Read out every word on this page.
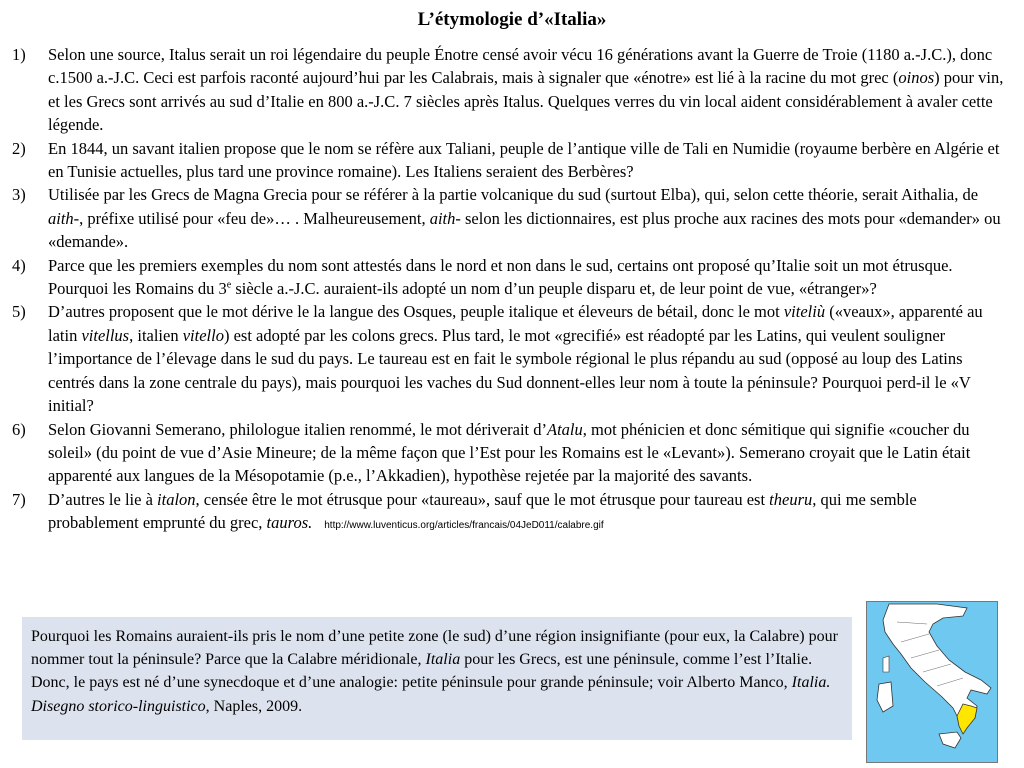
L’étymologie d’«Italia»
1) Selon une source, Italus serait un roi légendaire du peuple Énotre censé avoir vécu 16 générations avant la Guerre de Troie (1180 a.-J.C.), donc c.1500 a.-J.C. Ceci est parfois raconté aujourd’hui par les Calabrais, mais à signaler que «énotre» est lié à la racine du mot grec (oinos) pour vin, et les Grecs sont arrivés au sud d’Italie en 800 a.-J.C. 7 siècles après Italus. Quelques verres du vin local aident considérablement à avaler cette légende.
2) En 1844, un savant italien propose que le nom se réfère aux Taliani, peuple de l’antique ville de Tali en Numidie (royaume berbère en Algérie et en Tunisie actuelles, plus tard une province romaine). Les Italiens seraient des Berbères?
3) Utilisée par les Grecs de Magna Grecia pour se référer à la partie volcanique du sud (surtout Elba), qui, selon cette théorie, serait Aithalia, de aith-, préfixe utilisé pour «feu de»… . Malheureusement, aith- selon les dictionnaires, est plus proche aux racines des mots pour «demander» ou «demande».
4) Parce que les premiers exemples du nom sont attestés dans le nord et non dans le sud, certains ont proposé qu’Italie soit un mot étrusque. Pourquoi les Romains du 3e siècle a.-J.C. auraient-ils adopté un nom d’un peuple disparu et, de leur point de vue, «étranger»?
5) D’autres proposent que le mot dérive le la langue des Osques, peuple italique et éleveurs de bétail, donc le mot viteliù («veaux», apparenté au latin vitellus, italien vitello) est adopté par les colons grecs. Plus tard, le mot «grecifié» est réadopté par les Latins, qui veulent souligner l’importance de l’élevage dans le sud du pays. Le taureau est en fait le symbole régional le plus répandu au sud (opposé au loup des Latins centrés dans la zone centrale du pays), mais pourquoi les vaches du Sud donnent-elles leur nom à toute la péninsule? Pourquoi perd-il le «V initial?
6) Selon Giovanni Semerano, philologue italien renommé, le mot dériverait d’Atalu, mot phénicien et donc sémitique qui signifie «coucher du soleil» (du point de vue d’Asie Mineure; de la même façon que l’Est pour les Romains est le «Levant»). Semerano croyait que le Latin était apparenté aux langues de la Mésopotamie (p.e., l’Akkadien), hypothèse rejetée par la majorité des savants.
7) D’autres le lie à italon, censée être le mot étrusque pour «taureau», sauf que le mot étrusque pour taureau est theuru, qui me semble probablement emprunté du grec, tauros. http://www.luventicus.org/articles/francais/04JeD011/calabre.gif
Pourquoi les Romains auraient-ils pris le nom d’une petite zone (le sud) d’une région insignifiante (pour eux, la Calabre) pour nommer tout la péninsule? Parce que la Calabre méridionale, Italia pour les Grecs, est une péninsule, comme l’est l’Italie. Donc, le pays est né d’une synecdoque et d’une analogie: petite péninsule pour grande péninsule; voir Alberto Manco, Italia. Disegno storico-linguistico, Naples, 2009.
